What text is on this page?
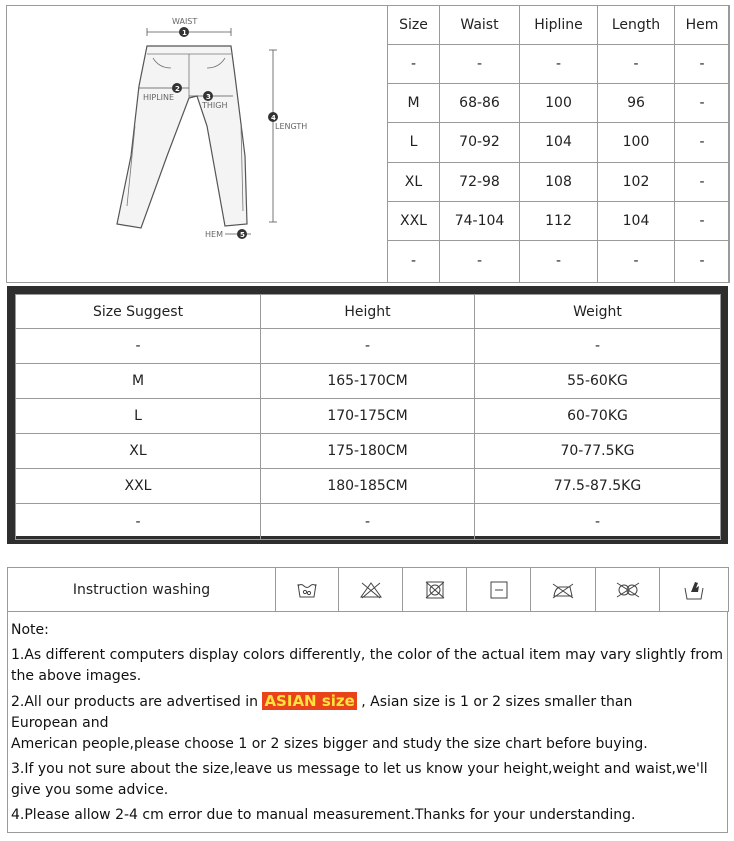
WAIST
1
2
HIPLINE	3
THIGH
4
LENGTH
5
HEM
Size	Waist	Hipline	Length	Hem
-	-	-	-	-
M	68-86	100	96	-
L	70-92	104	100	-
XL	72-98	108	102	-
XXL	74-104	112	104	-
-	-	-	-	-
Size Suggest	Height	Weight
-	-	-
M	165-170CM	55-60KG
L	170-175CM	60-70KG
XL	175-180CM	70-77.5KG
XXL	180-185CM	77.5-87.5KG
-	-	-
Instruction washing	

Note:

1.As different computers display colors differently, the color of the actual item may vary slightly from the above images.

2.All our products are advertised in ASIAN size , Asian size is 1 or 2 sizes smaller than

European and

American people,please choose 1 or 2 sizes bigger and study the size chart before buying.

3.If you not sure about the size,leave us message to let us know your height,weight and waist,we'll give you some advice.

4.Please allow 2-4 cm error due to manual measurement.Thanks for your understanding.
